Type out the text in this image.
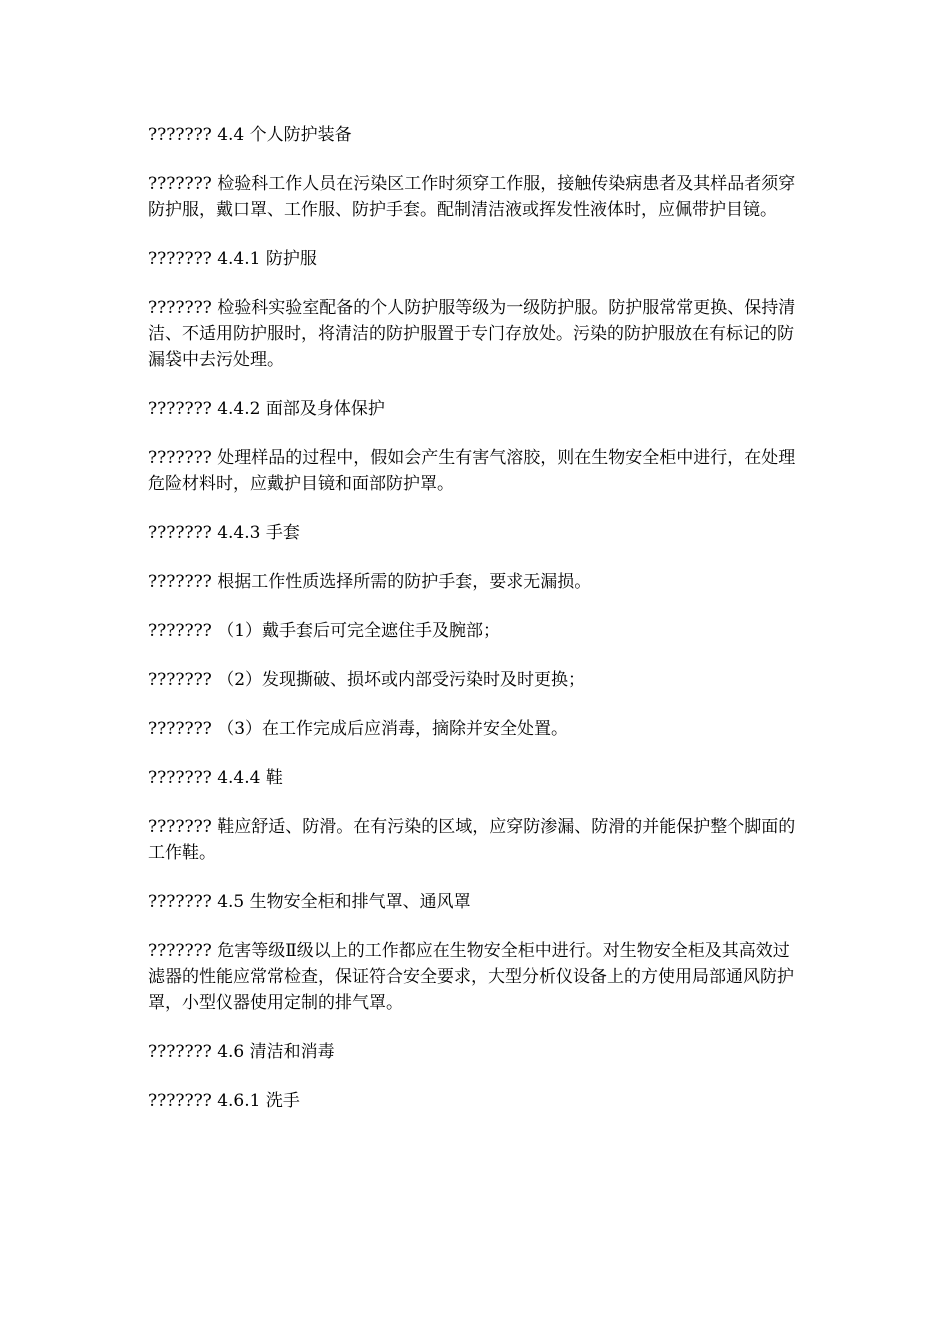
??????? 4.4 个人防护装备

??????? 检验科工作人员在污染区工作时须穿工作服，接触传染病患者及其样品者须穿防护服，戴口罩、工作服、防护手套。配制清洁液或挥发性液体时，应佩带护目镜。

??????? 4.4.1 防护服

??????? 检验科实验室配备的个人防护服等级为一级防护服。防护服常常更换、保持清洁、不适用防护服时，将清洁的防护服置于专门存放处。污染的防护服放在有标记的防漏袋中去污处理。

??????? 4.4.2 面部及身体保护

??????? 处理样品的过程中，假如会产生有害气溶胶，则在生物安全柜中进行，在处理危险材料时，应戴护目镜和面部防护罩。

??????? 4.4.3 手套

??????? 根据工作性质选择所需的防护手套，要求无漏损。

??????? （1）戴手套后可完全遮住手及腕部；

??????? （2）发现撕破、损坏或内部受污染时及时更换；

??????? （3）在工作完成后应消毒，摘除并安全处置。

??????? 4.4.4 鞋

??????? 鞋应舒适、防滑。在有污染的区域，应穿防渗漏、防滑的并能保护整个脚面的工作鞋。

??????? 4.5 生物安全柜和排气罩、通风罩

??????? 危害等级Ⅱ级以上的工作都应在生物安全柜中进行。对生物安全柜及其高效过滤器的性能应常常检查，保证符合安全要求，大型分析仪设备上的方使用局部通风防护罩，小型仪器使用定制的排气罩。

??????? 4.6 清洁和消毒

??????? 4.6.1 洗手
